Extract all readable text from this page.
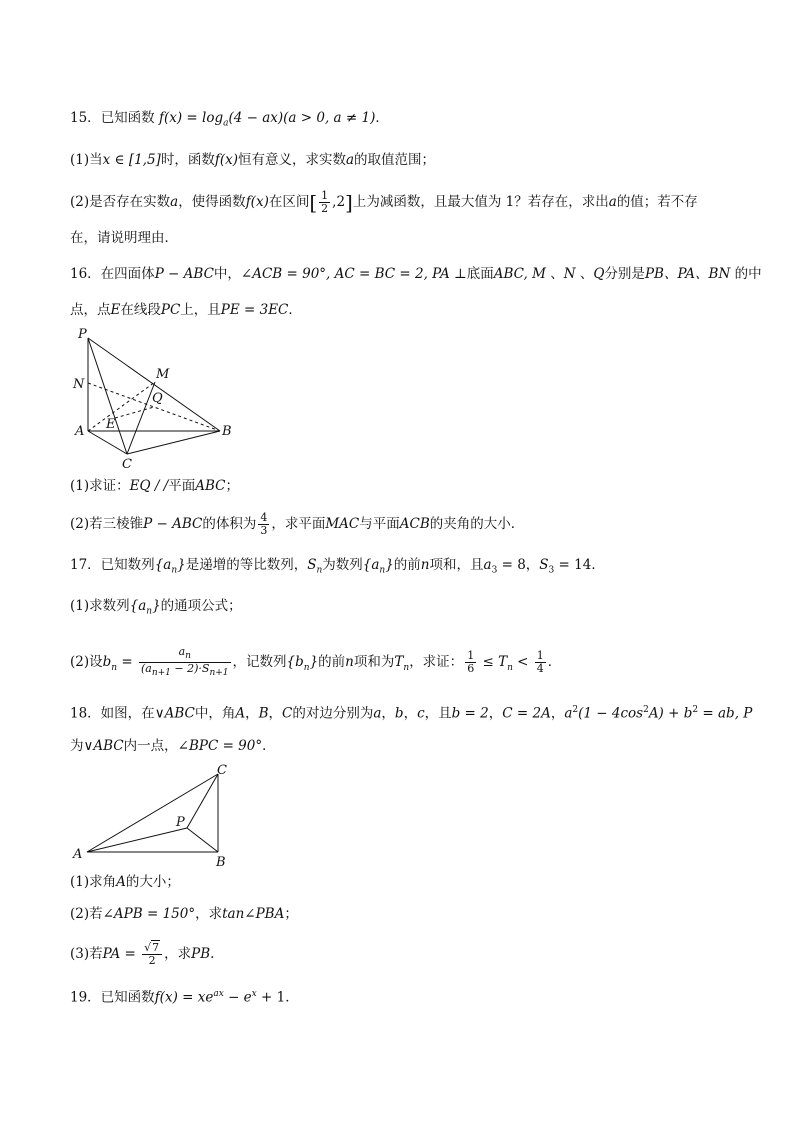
15．已知函数 $f(x) = \log_a(4 - ax)(a > 0$, a ≠ 1)．
(1)当x ∈ [1,5]时，函数f(x)恒有意义，求实数a的取值范围；
(2)是否存在实数a，使得函数f(x)在区间[ $\frac{1}{2} ,2$]上为减函数，且最大值为 1？若存在，求出a的值；若不存
在，请说明理由．
16．在四面体P − ABC中，∠ACB = 90°, AC = BC = 2, PA ⊥底面ABC, M 、N 、Q分别是PB、PA、BN 的中
点，点E在线段PC上，且PE = 3EC．
P
N
M
Q
A E	B
C
(1)求证：EQ / /平面ABC；
(2)若三棱锥P − ABC的体积为 $\frac{4}{3}$ ，求平面MAC与平面ACB的夹角的大小．
17．已知数列$\{a_n\}$是递增的等比数列，$S_n$为数列$\{a_n\}$的前n项和，且$a_3 = 8$，$S_3 = 14$．
(1)求数列$\{a_n\}$的通项公式；
(2)设$b_n = \frac{a_n}{(a_{n+1} - 2)\cdot S_{n+1}}$ ，记数列$\{b_n\}$的前n项和为$T_n$，求证： $\frac{1}{6} \le T_n < \frac{1}{4}$ ．
18．如图，在∨ABC中，角A，B，C的对边分别为a，b，c，且b = 2，C = 2A，$a^2(1 - 4\cos^2A) + b^2$ = ab, P
为∨ABC内一点，∠BPC = 90°．
C
P
A
B
(1)求角A的大小；
(2)若∠APB = 150°，求tan∠PBA；
(3)若PA = $\frac{√7}{2}$ ，求PB.
19．已知函数$f(x) = xe^{ax} - e^x + 1$．
